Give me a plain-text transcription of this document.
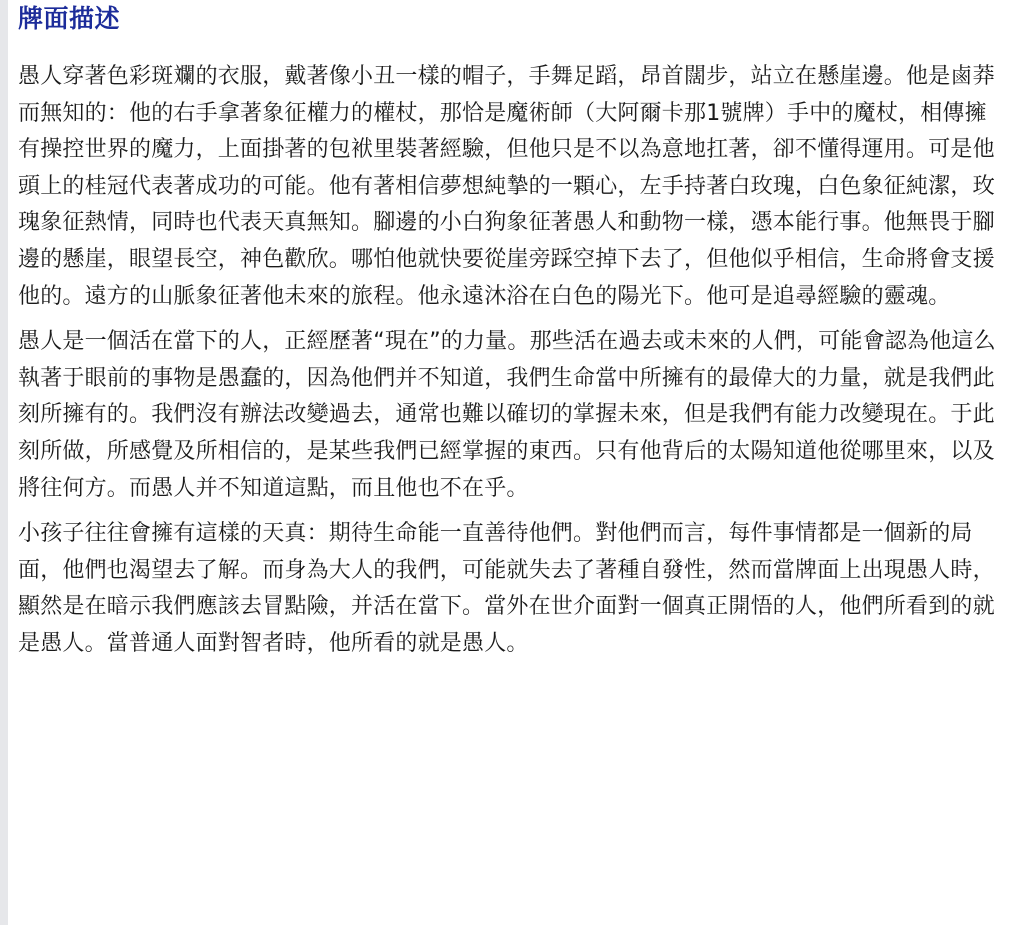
牌面描述

愚人穿著色彩斑斕的衣服，戴著像小丑一樣的帽子，手舞足蹈，昂首闊步，站立在懸崖邊。他是鹵莽而無知的：他的右手拿著象征權力的權杖，那恰是魔術師（大阿爾卡那1號牌）手中的魔杖，相傳擁有操控世界的魔力，上面掛著的包袱里裝著經驗，但他只是不以為意地扛著，卻不懂得運用。可是他頭上的桂冠代表著成功的可能。他有著相信夢想純摯的一顆心，左手持著白玫瑰，白色象征純潔，玫瑰象征熱情，同時也代表天真無知。腳邊的小白狗象征著愚人和動物一樣，憑本能行事。他無畏于腳邊的懸崖，眼望長空，神色歡欣。哪怕他就快要從崖旁踩空掉下去了，但他似乎相信，生命將會支援他的。遠方的山脈象征著他未來的旅程。他永遠沐浴在白色的陽光下。他可是追尋經驗的靈魂。

愚人是一個活在當下的人，正經歷著“現在”的力量。那些活在過去或未來的人們，可能會認為他這么執著于眼前的事物是愚蠢的，因為他們并不知道，我們生命當中所擁有的最偉大的力量，就是我們此刻所擁有的。我們沒有辦法改變過去，通常也難以確切的掌握未來，但是我們有能力改變現在。于此刻所做，所感覺及所相信的，是某些我們已經掌握的東西。只有他背后的太陽知道他從哪里來，以及將往何方。而愚人并不知道這點，而且他也不在乎。

小孩子往往會擁有這樣的天真：期待生命能一直善待他們。對他們而言，每件事情都是一個新的局面，他們也渴望去了解。而身為大人的我們，可能就失去了著種自發性，然而當牌面上出現愚人時，顯然是在暗示我們應該去冒點險，并活在當下。當外在世介面對一個真正開悟的人，他們所看到的就是愚人。當普通人面對智者時，他所看的就是愚人。
